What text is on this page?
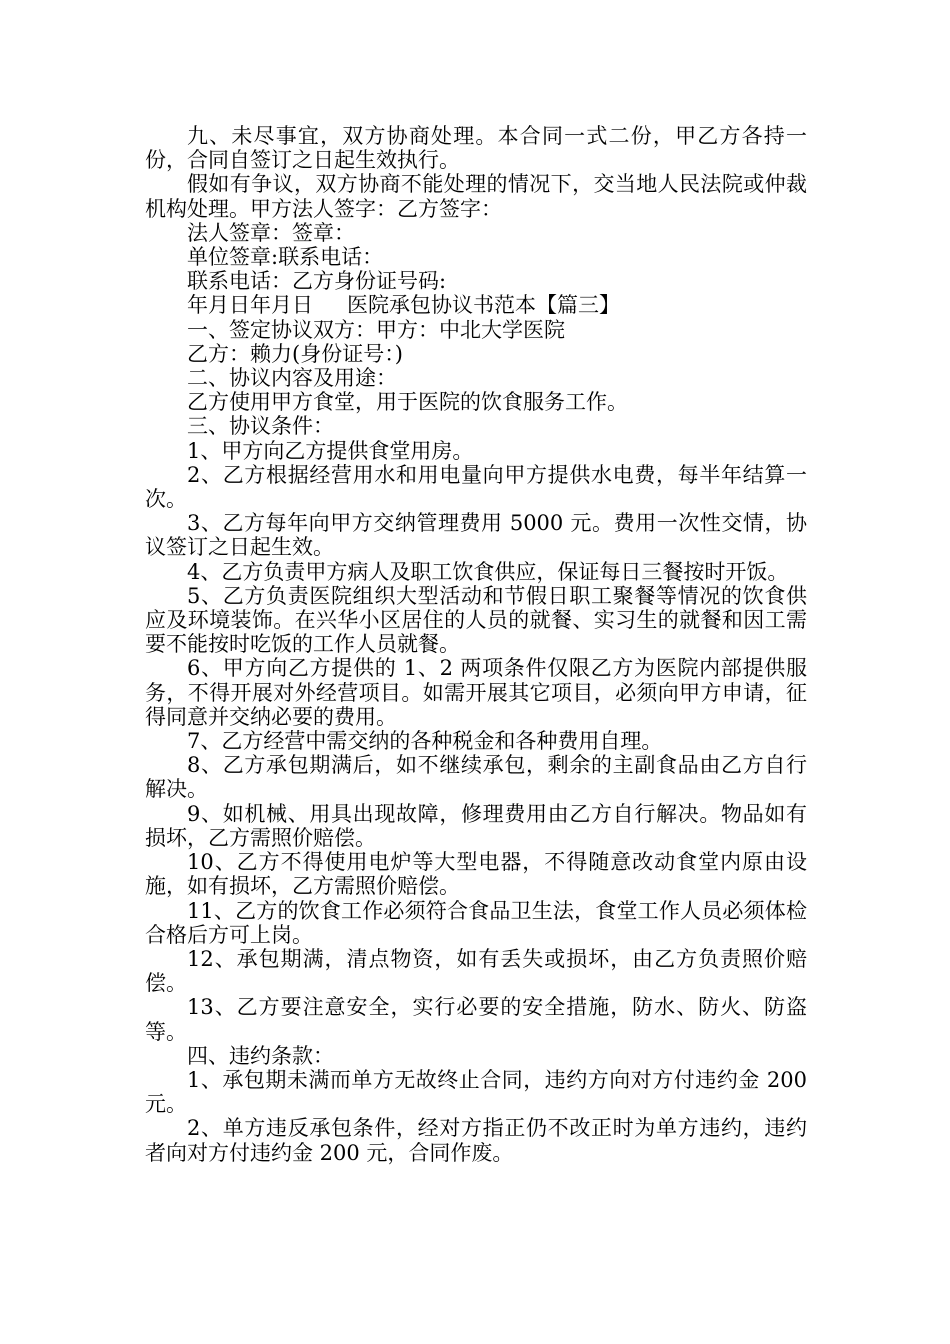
九、未尽事宜，双方协商处理。本合同一式二份，甲乙方各持一份，合同自签订之日起生效执行。

假如有争议，双方协商不能处理的情况下，交当地人民法院或仲裁机构处理。甲方法人签字：乙方签字：

法人签章：签章：

单位签章:联系电话：

联系电话：乙方身份证号码:

年月日年月日 医院承包协议书范本【篇三】

一、签定协议双方：甲方：中北大学医院

乙方：赖力(身份证号：)

二、协议内容及用途：

乙方使用甲方食堂，用于医院的饮食服务工作。

三、协议条件：

1、甲方向乙方提供食堂用房。

2、乙方根据经营用水和用电量向甲方提供水电费，每半年结算一次。

3、乙方每年向甲方交纳管理费用 5000 元。费用一次性交情，协议签订之日起生效。

4、乙方负责甲方病人及职工饮食供应，保证每日三餐按时开饭。

5、乙方负责医院组织大型活动和节假日职工聚餐等情况的饮食供应及环境装饰。在兴华小区居住的人员的就餐、实习生的就餐和因工需要不能按时吃饭的工作人员就餐。

6、甲方向乙方提供的 1、2 两项条件仅限乙方为医院内部提供服务，不得开展对外经营项目。如需开展其它项目，必须向甲方申请，征得同意并交纳必要的费用。

7、乙方经营中需交纳的各种税金和各种费用自理。

8、乙方承包期满后，如不继续承包，剩余的主副食品由乙方自行解决。

9、如机械、用具出现故障，修理费用由乙方自行解决。物品如有损坏，乙方需照价赔偿。

10、乙方不得使用电炉等大型电器，不得随意改动食堂内原由设施，如有损坏，乙方需照价赔偿。

11、乙方的饮食工作必须符合食品卫生法，食堂工作人员必须体检合格后方可上岗。

12、承包期满，清点物资，如有丢失或损坏，由乙方负责照价赔偿。

13、乙方要注意安全，实行必要的安全措施，防水、防火、防盗等。

四、违约条款：

1、承包期未满而单方无故终止合同，违约方向对方付违约金 200 元。

2、单方违反承包条件，经对方指正仍不改正时为单方违约，违约者向对方付违约金 200 元，合同作废。
